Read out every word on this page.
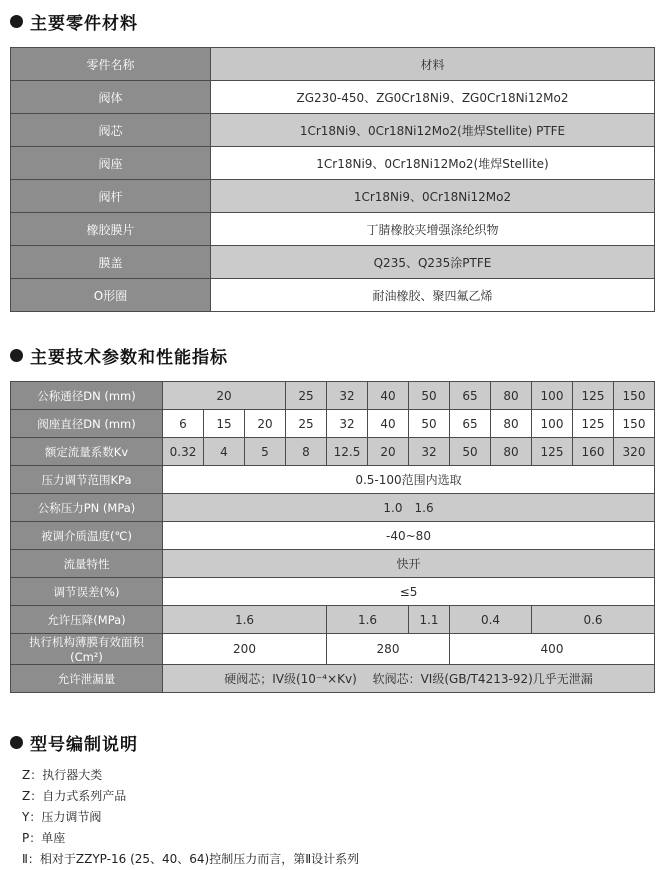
主要零件材料
零件名称	材料
阀体	ZG230-450、ZG0Cr18Ni9、ZG0Cr18Ni12Mo2
阀芯	1Cr18Ni9、0Cr18Ni12Mo2(堆焊Stellite) PTFE
阀座	1Cr18Ni9、0Cr18Ni12Mo2(堆焊Stellite)
阀杆	1Cr18Ni9、0Cr18Ni12Mo2
橡胶膜片	丁腈橡胶夹增强涤纶织物
膜盖	Q235、Q235涂PTFE
O形圈	耐油橡胶、聚四氟乙烯
主要技术参数和性能指标
公称通径DN (mm)	20			25	32	40	50	65	80	100	125	150
阀座直径DN (mm)	6	15	20	25	32	40	50	65	80	100	125	150
额定流量系数Kv	0.32	4	5	8	12.5	20	32	50	80	125	160	320
压力调节范围KPa	0.5-100范围内选取											
公称压力PN (MPa)	1.0　1.6											
被调介质温度(℃)	-40~80											
流量特性	快开											
调节误差(%)	≤5											
允许压降(MPa)	1.6				1.6		1.1	0.4		0.6		
执行机构薄膜有效面积(Cm²)	200				280			400				
允许泄漏量	硬阀芯；IV级(10⁻⁴×Kv)　 软阀芯：VI级(GB/T4213-92)几乎无泄漏											
型号编制说明
Z：执行器大类
Z：自力式系列产品
Y：压力调节阀
P：单座
Ⅱ：相对于ZZYP-16 (25、40、64)控制压力而言，第Ⅱ设计系列
